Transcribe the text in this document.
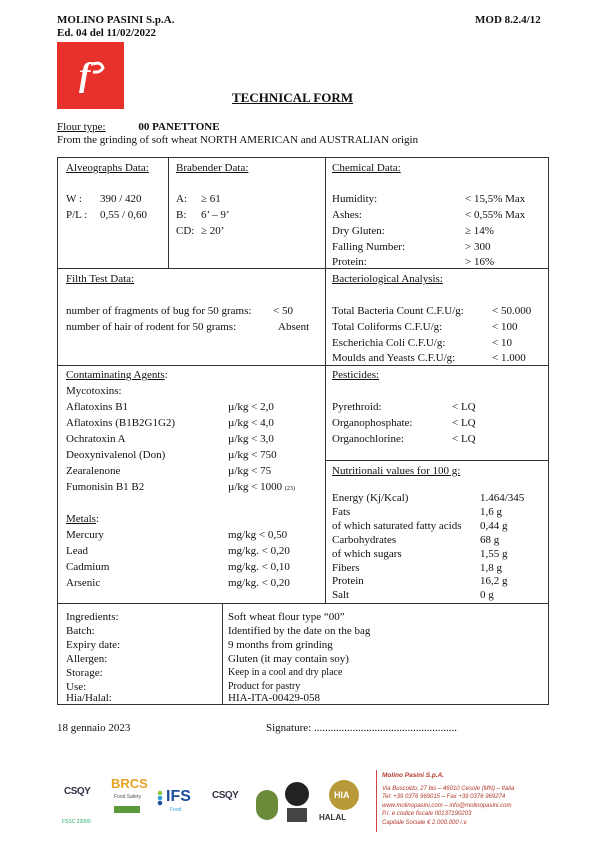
MOLINO PASINI S.p.A.
Ed. 04 del 11/02/2022
MOD 8.2.4/12
f
TECHNICAL FORM
Flour type:	00 PANETTONE
From the grinding of soft wheat NORTH AMERICAN and AUSTRALIAN origin
Alveographs Data:
W : 390 / 420
P/L : 0,55 / 0,60
Brabender Data:
A: ≥ 61
B: 6’ – 9’
CD: ≥ 20’
Chemical Data:
Humidity:	< 15,5% Max
Ashes:	< 0,55% Max
Dry Gluten:	≥ 14%
Falling Number:	> 300
Protein:	> 16%
Filth Test Data:
number of fragments of bug for 50 grams: < 50
number of hair of rodent for 50 grams:	Absent
Bacteriological Analysis:
Total Bacteria Count C.F.U/g:	< 50.000
Total Coliforms C.F.U/g:	< 100
Escherichia Coli C.F.U/g:	< 10
Moulds and Yeasts C.F.U/g:	< 1.000
Contaminating Agents:
Mycotoxins:
Aflatoxins B1	µ/kg < 2,0
Aflatoxins (B1B2G1G2)	µ/kg < 4,0
Ochratoxin A	µ/kg < 3,0
Deoxynivalenol (Don)	µ/kg < 750
Zearalenone	µ/kg < 75
Fumonisin B1 B2	µ/kg < 1000 (23)
Metals:
Mercury	mg/kg < 0,50
Lead	mg/kg. < 0,20
Cadmium	mg/kg. < 0,10
Arsenic	mg/kg. < 0,20
Pesticides:
Pyrethroid:	< LQ
Organophosphate:	< LQ
Organochlorine:	< LQ
Nutritionali values for 100 g:
Energy (Kj/Kcal)	1.464/345
Fats	1,6 g
of which saturated fatty acids 0,44 g
Carbohydrates	68 g
of which sugars	1,55 g
Fibers	1,8 g
Protein	16,2 g
Salt	0 g
Ingredients:	Soft wheat flour type “00”
Batch:	Identified by the date on the bag
Expiry date:	9 months from grinding
Allergen:	Gluten (it may contain soy)
Storage:	Keep in a cool and dry place
Use:	Product for pastry
Hia/Halal:	HIA-ITA-00429-058
18 gennaio 2023	Signature: ....................................................
CSQY
FSSC 22000
BRCS
Food Safety IFS
Food
CSQY	HIA
HALAL
Molino Pasini S.p.A.
Via Buscoldo, 27 bis – 46010 Cesole (MN) – Italia
Tel: +39 0376 969015 – Fax +39 0376 969274
www.molinopasini.com – info@molinopasini.com
P.I. e codice fiscale 00137190203
Capitale Sociale € 2.000.000 i.v.
